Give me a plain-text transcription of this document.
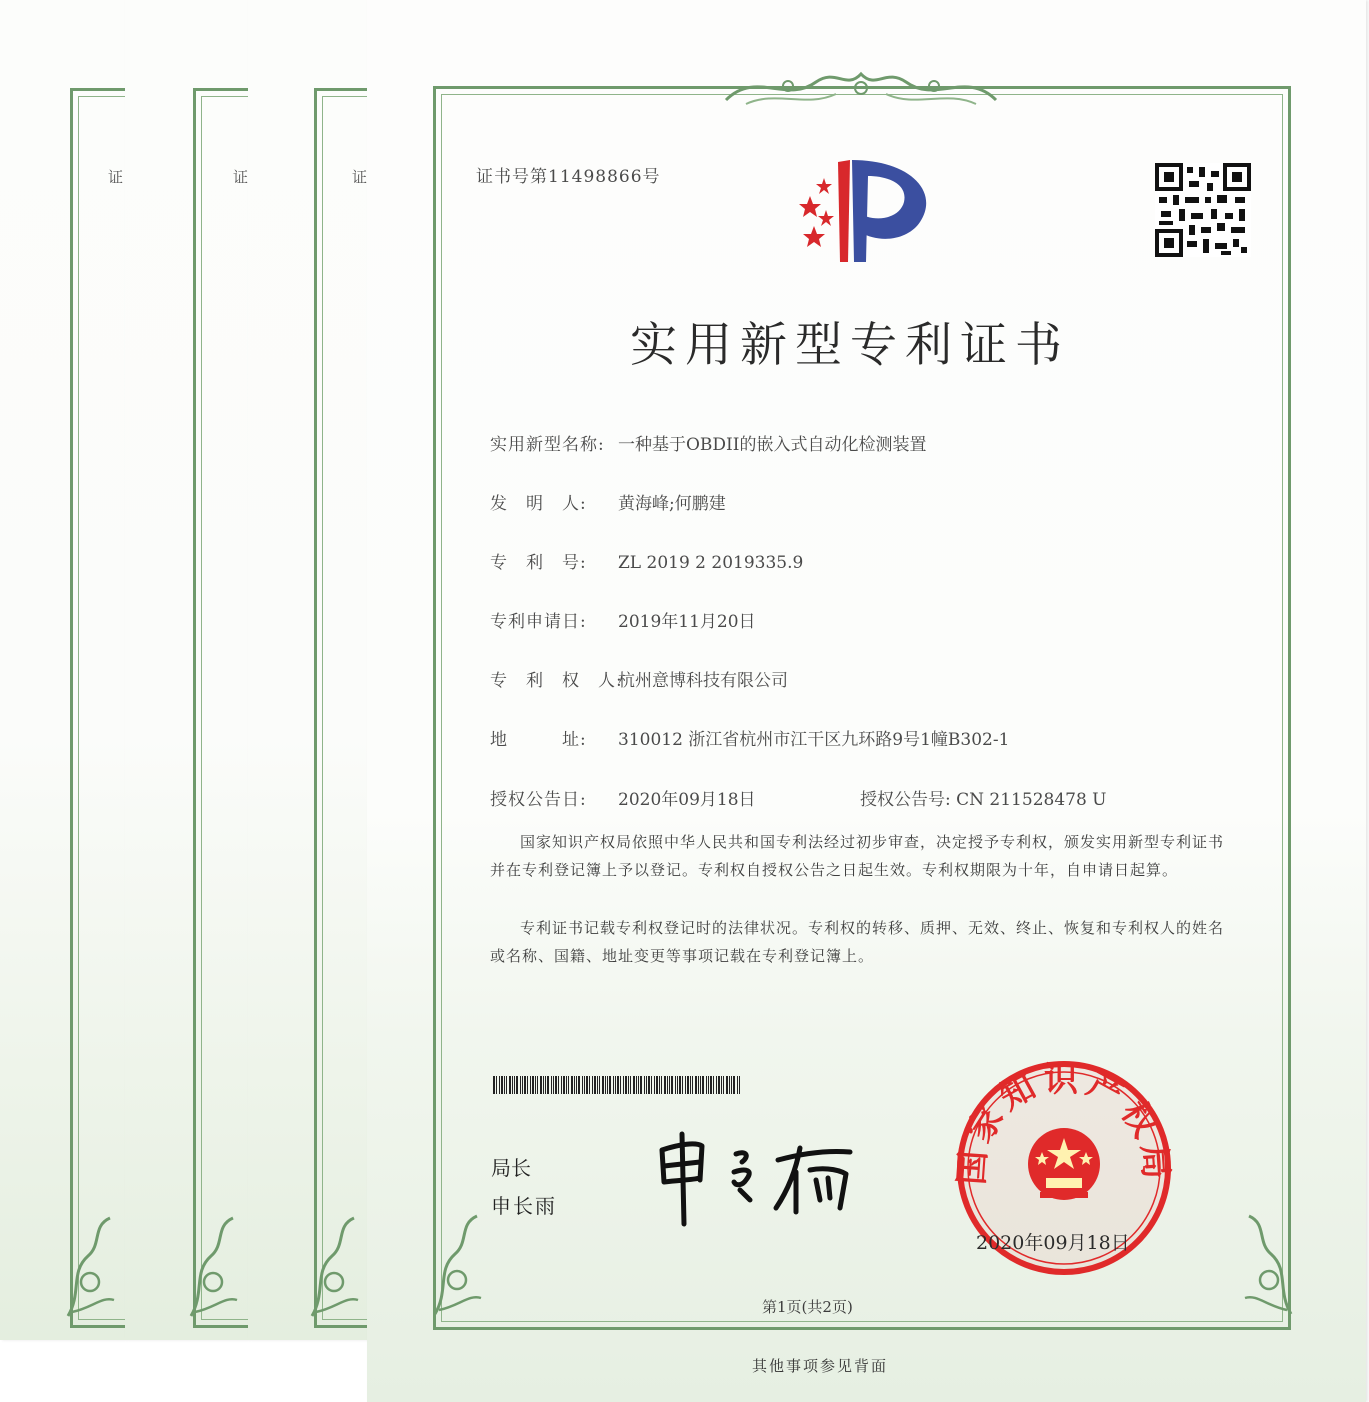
证	证	证	证书号第11498866号
实用新型专利证书
实用新型名称: 一种基于OBDII的嵌入式自动化检测装置
发　明　人: 黄海峰;何鹏建
专　利　号: ZL 2019 2 2019335.9
专利申请日: 2019年11月20日
专　利　权　人:杭州意博科技有限公司
地　　　址: 310012 浙江省杭州市江干区九环路9号1幢B302-1
授权公告日: 2020年09月18日	授权公告号: CN 211528478 U

国家知识产权局依照中华人民共和国专利法经过初步审查，决定授予专利权，颁发实用新型专利证书并在专利登记簿上予以登记。专利权自授权公告之日起生效。专利权期限为十年，自申请日起算。

专利证书记载专利权登记时的法律状况。专利权的转移、质押、无效、终止、恢复和专利权人的姓名或名称、国籍、地址变更等事项记载在专利登记簿上。

局长
申长雨
国家知识产权局
2020年09月18日
第1页(共2页)
其他事项参见背面
